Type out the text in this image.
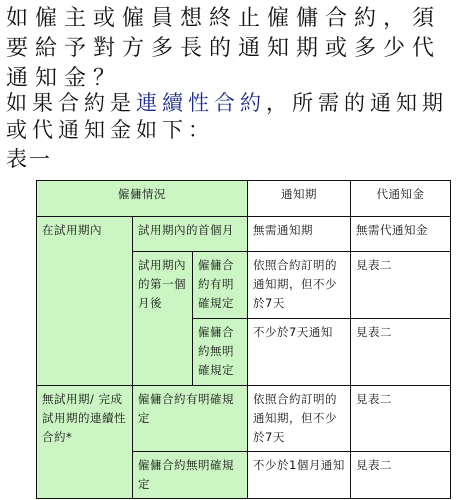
如僱主或僱員想終止僱傭合約，須要給予對方多長的通知期或多少代通知金？

如果合約是連續性合約，所需的通知期或代通知金如下：

表一

僱傭情況			通知期	代通知金
在試用期內	試用期內的首個月		無需通知期	無需代通知金
	試用期內的第一個月後	僱傭合約有明確規定	依照合約訂明的通知期，但不少於7天	見表二
		僱傭合約無明確規定	不少於7天通知	見表二
無試用期/ 完成試用期的連續性合約*	僱傭合約有明確規定		依照合約訂明的通知期，但不少於7天	見表二
	僱傭合約無明確規定		不少於1個月通知	見表二
